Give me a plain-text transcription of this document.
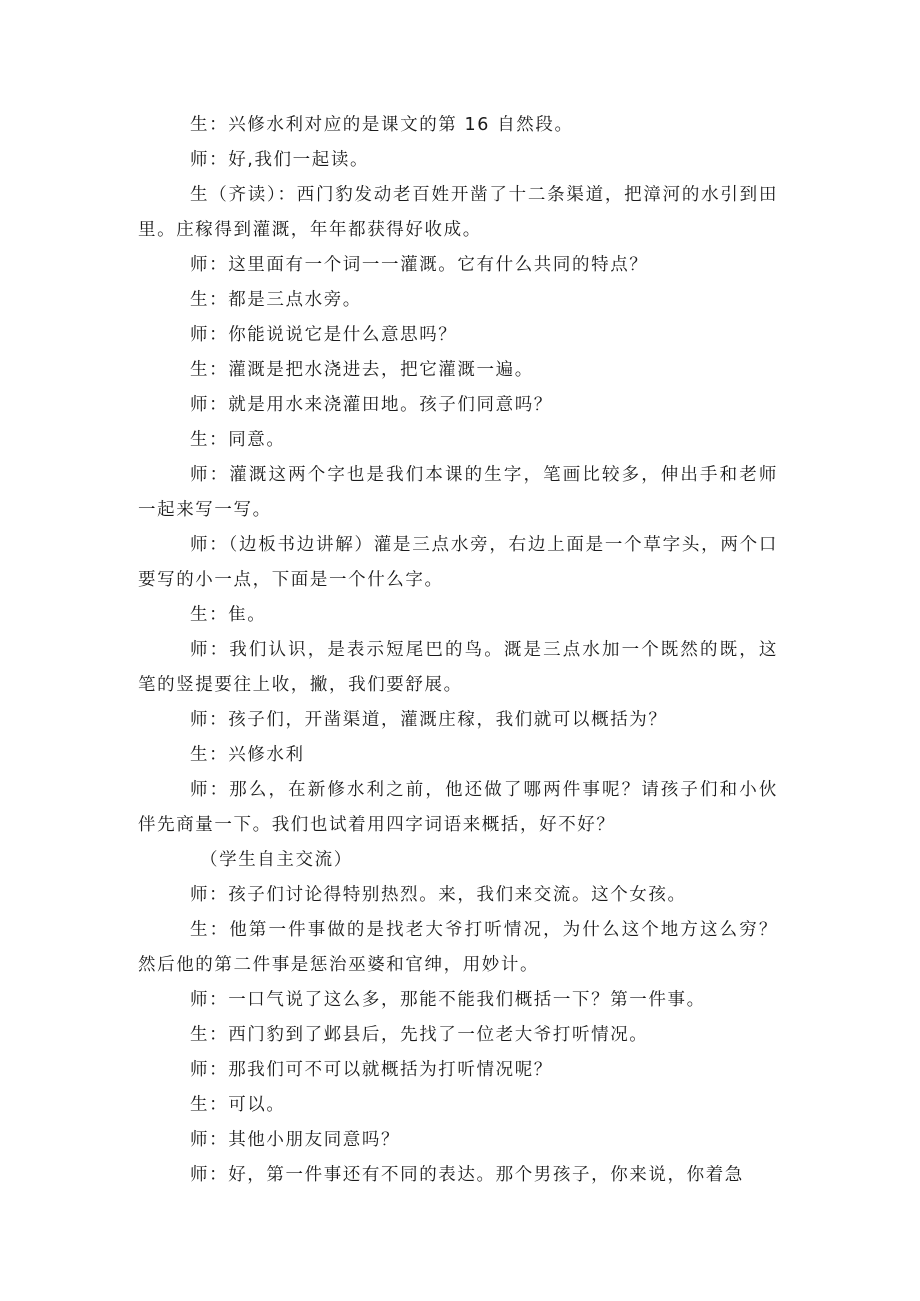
生：兴修水利对应的是课文的第 16 自然段。

师：好,我们一起读。

生（齐读）：西门豹发动老百姓开凿了十二条渠道，把漳河的水引到田里。庄稼得到灌溉，年年都获得好收成。

师：这里面有一个词一一灌溉。它有什么共同的特点？

生：都是三点水旁。

师：你能说说它是什么意思吗？

生：灌溉是把水浇进去，把它灌溉一遍。

师：就是用水来浇灌田地。孩子们同意吗？

生：同意。

师：灌溉这两个字也是我们本课的生字，笔画比较多，伸出手和老师一起来写一写。

师：（边板书边讲解）灌是三点水旁，右边上面是一个草字头，两个口要写的小一点，下面是一个什么字。

生：隹。

师：我们认识，是表示短尾巴的鸟。溉是三点水加一个既然的既，这笔的竖提要往上收，撇，我们要舒展。

师：孩子们，开凿渠道，灌溉庄稼，我们就可以概括为？

生：兴修水利

师：那么，在新修水利之前，他还做了哪两件事呢？请孩子们和小伙伴先商量一下。我们也试着用四字词语来概括，好不好？

（学生自主交流）

师：孩子们讨论得特别热烈。来，我们来交流。这个女孩。

生：他第一件事做的是找老大爷打听情况，为什么这个地方这么穷？然后他的第二件事是惩治巫婆和官绅，用妙计。

师：一口气说了这么多，那能不能我们概括一下？第一件事。

生：西门豹到了邺县后，先找了一位老大爷打听情况。

师：那我们可不可以就概括为打听情况呢？

生：可以。

师：其他小朋友同意吗？

师：好，第一件事还有不同的表达。那个男孩子，你来说，你着急
